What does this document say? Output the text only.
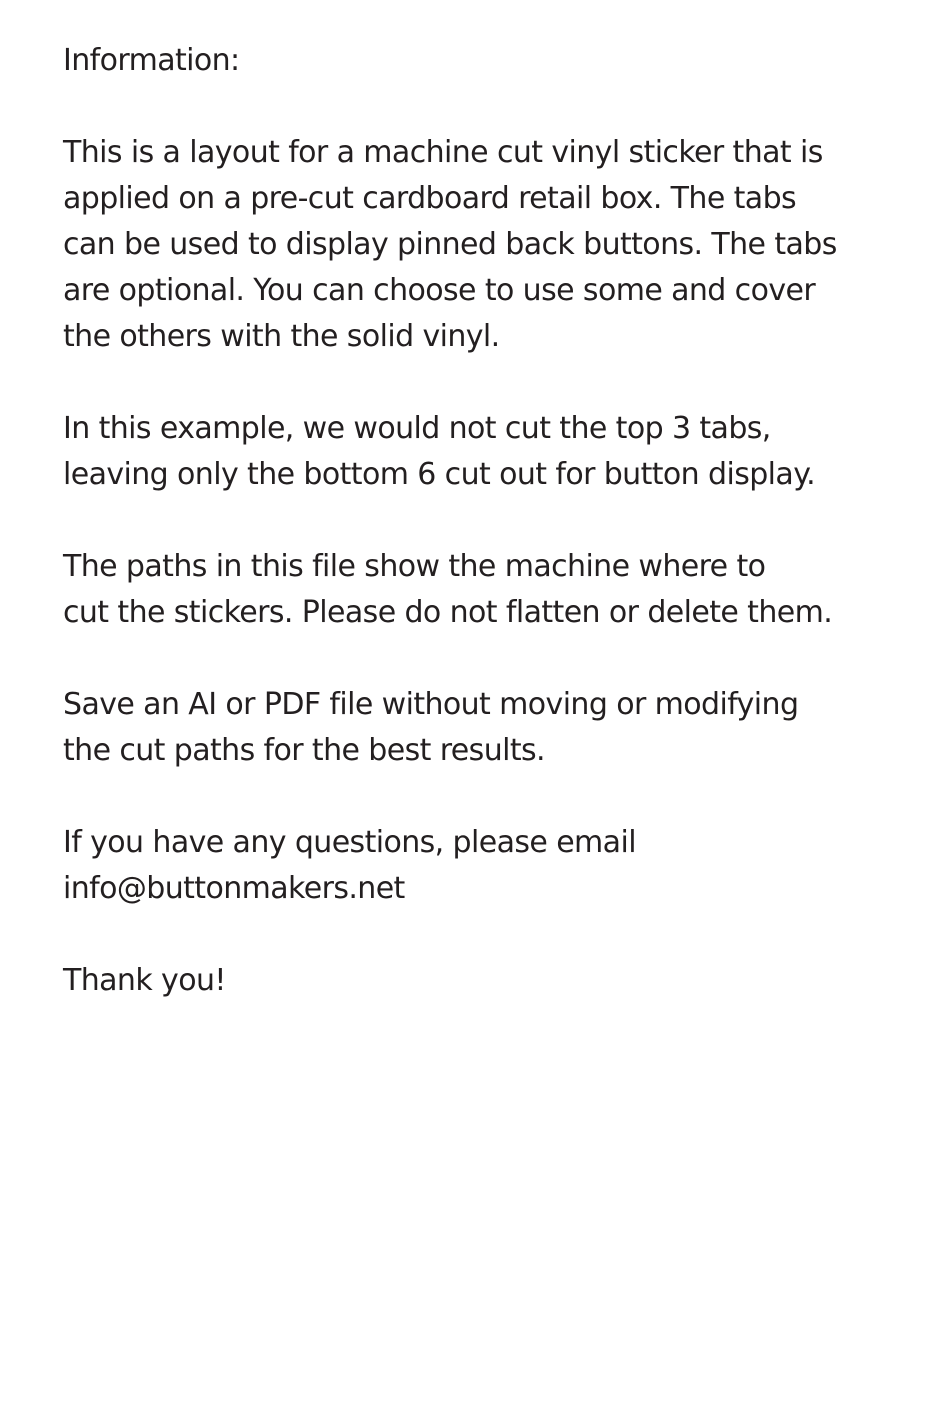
Information:

This is a layout for a machine cut vinyl sticker that is
applied on a pre-cut cardboard retail box. The tabs
can be used to display pinned back buttons. The tabs
are optional. You can choose to use some and cover
the others with the solid vinyl.

In this example, we would not cut the top 3 tabs,
leaving only the bottom 6 cut out for button display.

The paths in this file show the machine where to
cut the stickers. Please do not flatten or delete them.

Save an AI or PDF file without moving or modifying
the cut paths for the best results.

If you have any questions, please email
info@buttonmakers.net

Thank you!
